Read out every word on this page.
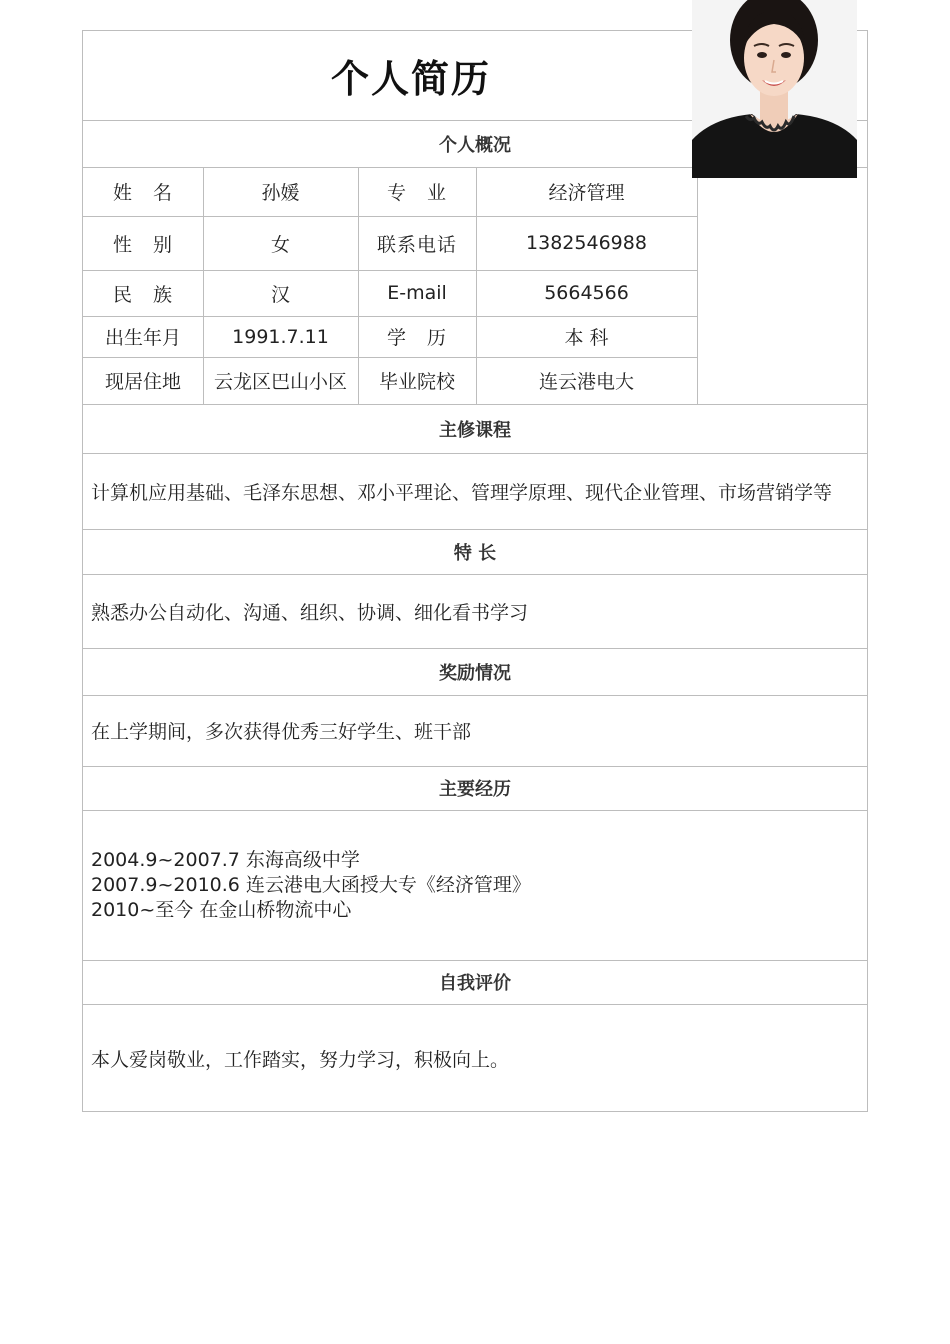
个人简历
个人概况
姓　名	孙媛	专　业	经济管理
性　别	女	联系电话	1382546988
民　族	汉	E-mail	5664566
出生年月	1991.7.11	学　历	本 科
现居住地	云龙区巴山小区	毕业院校	连云港电大
主修课程
计算机应用基础、毛泽东思想、邓小平理论、管理学原理、现代企业管理、市场营销学等
特 长
熟悉办公自动化、沟通、组织、协调、细化看书学习
奖励情况
在上学期间，多次获得优秀三好学生、班干部
主要经历
2004.9~2007.7 东海高级中学
2007.9~2010.6 连云港电大函授大专《经济管理》
2010~至今 在金山桥物流中心
自我评价
本人爱岗敬业，工作踏实，努力学习，积极向上。
